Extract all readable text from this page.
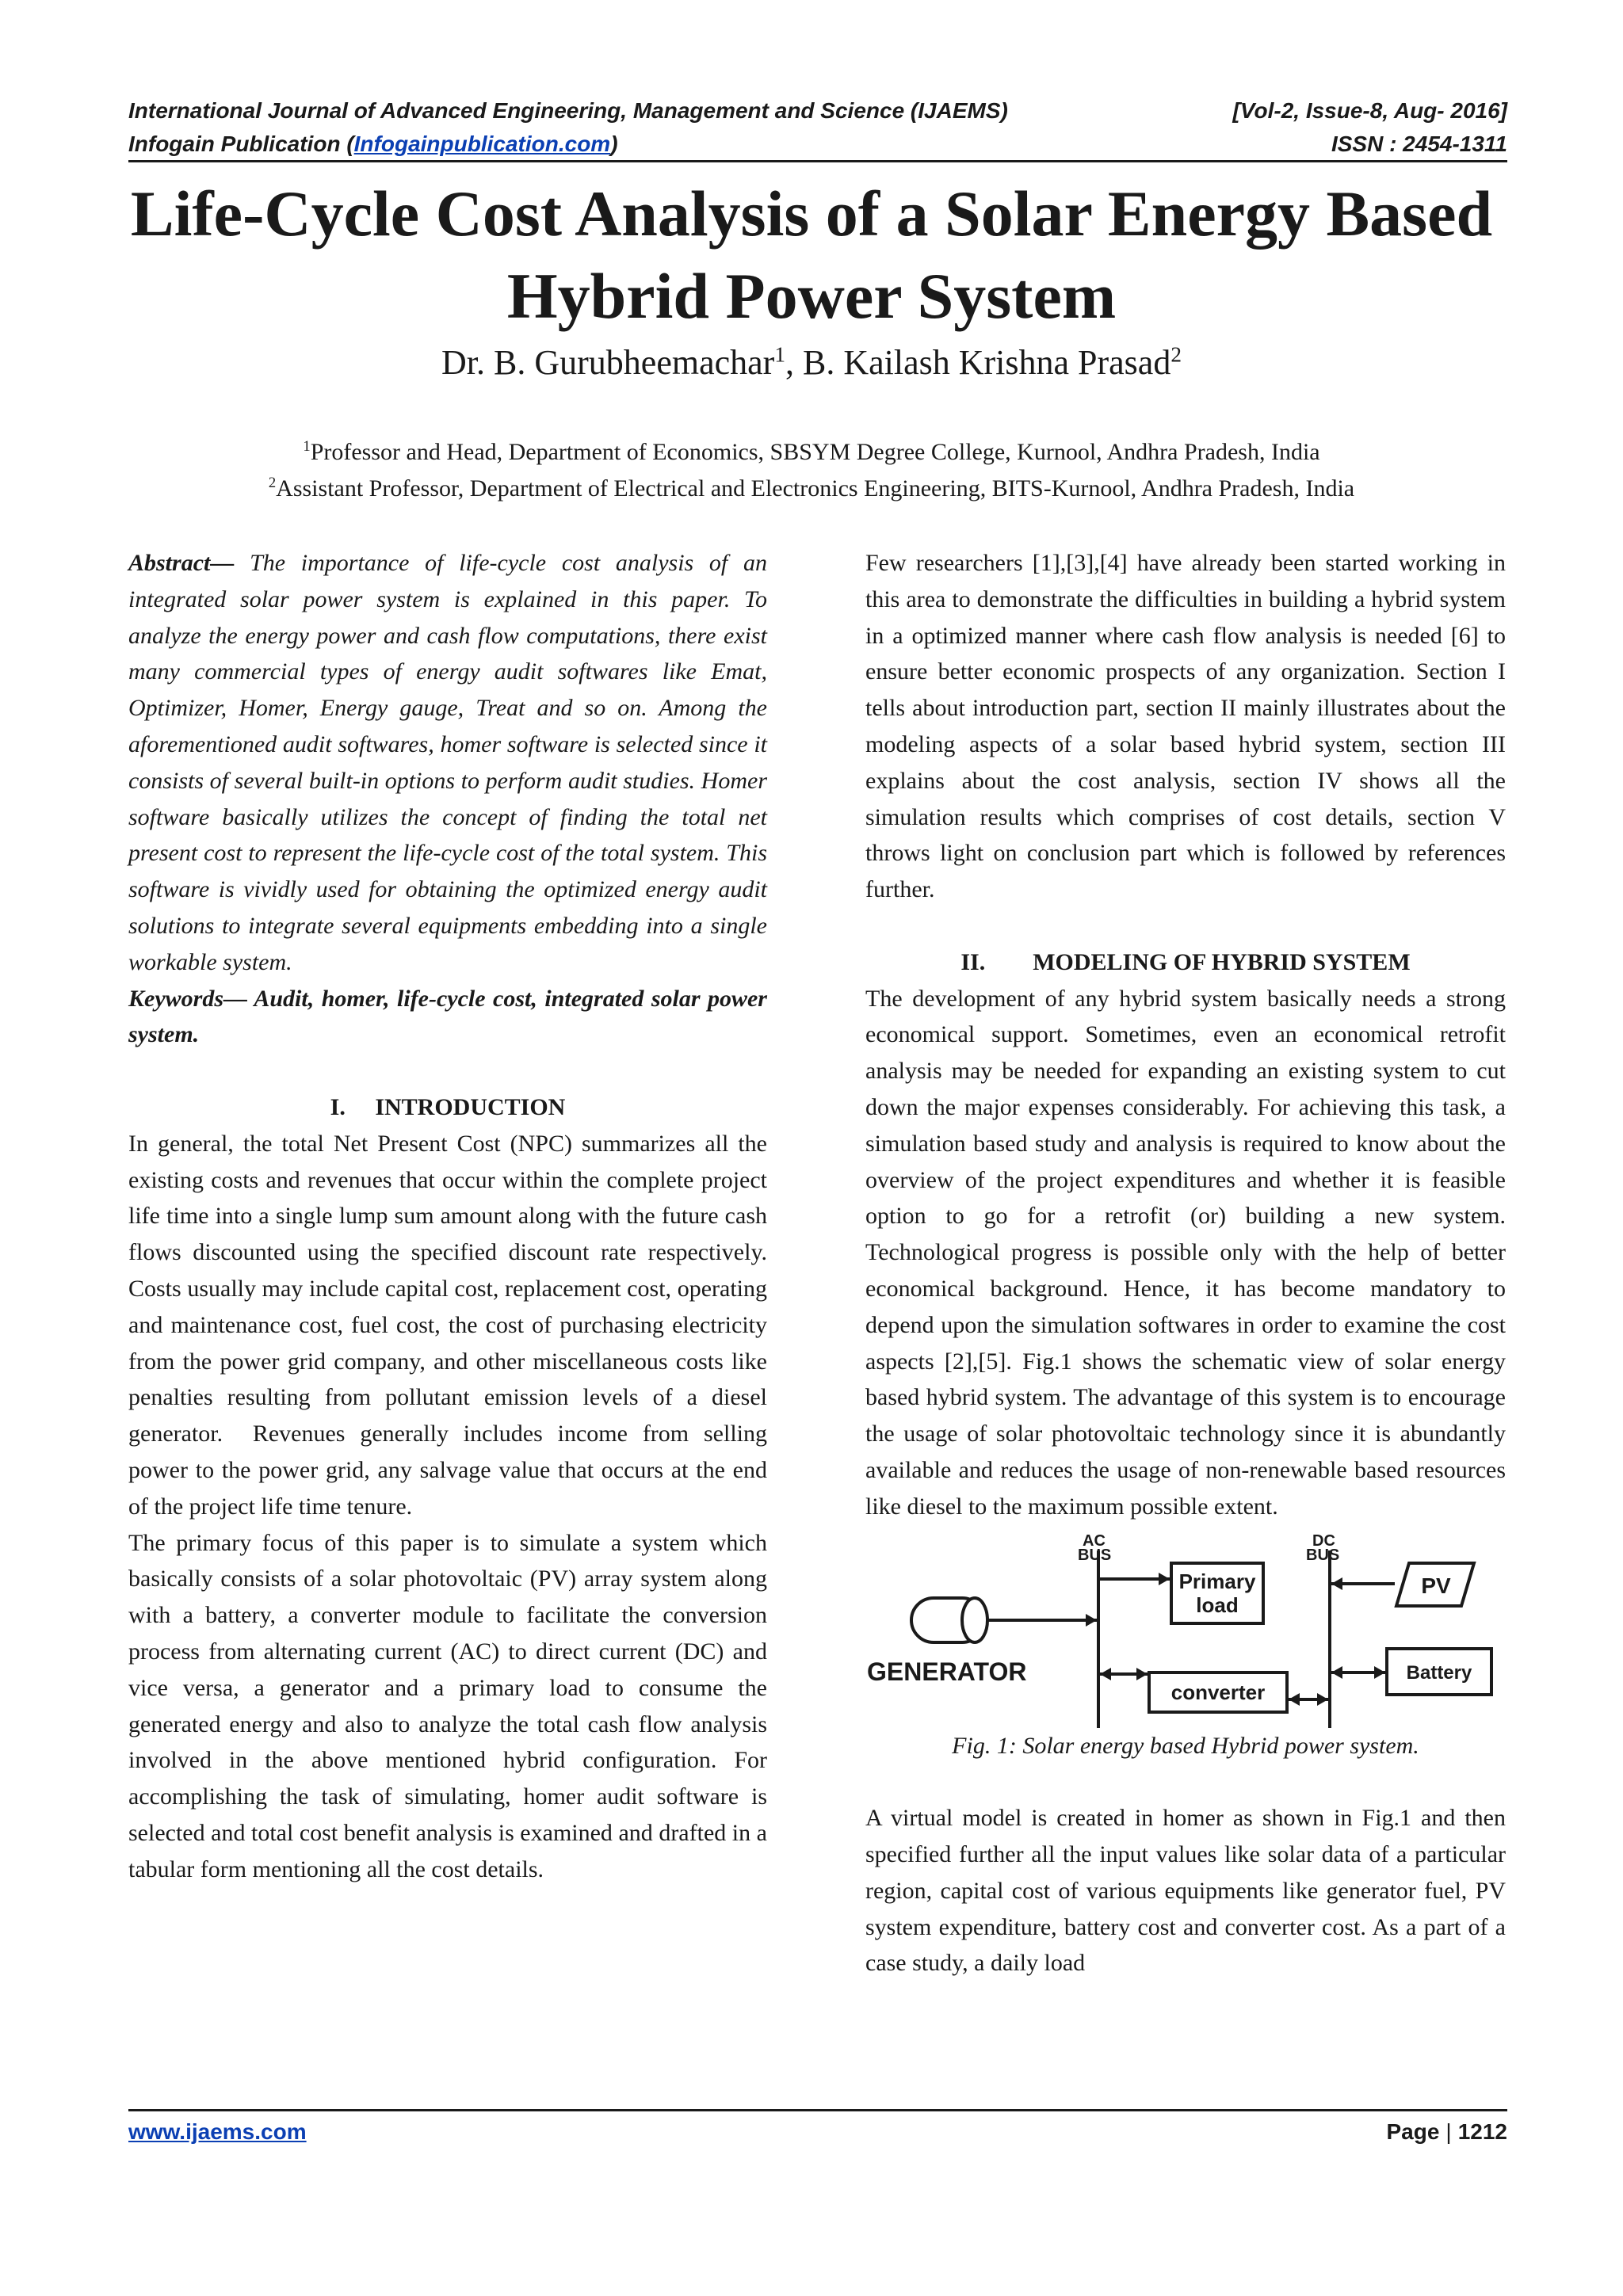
International Journal of Advanced Engineering, Management and Science (IJAEMS)	[Vol-2, Issue-8, Aug- 2016]
Infogain Publication (Infogainpublication.com)	ISSN : 2454-1311
Life-Cycle Cost Analysis of a Solar Energy Based
Hybrid Power System
Dr. B. Gurubheemachar$^1$, B. Kailash Krishna Prasad$^2$
$^1$Professor and Head, Department of Economics, SBSYM Degree College, Kurnool, Andhra Pradesh, India
$^2$Assistant Professor, Department of Electrical and Electronics Engineering, BITS-Kurnool, Andhra Pradesh, India

Abstract— The importance of life-cycle cost analysis of an integrated solar power system is explained in this paper. To analyze the energy power and cash flow computations, there exist many commercial types of energy audit softwares like Emat, Optimizer, Homer, Energy gauge, Treat and so on. Among the aforementioned audit softwares, homer software is selected since it consists of several built-in options to perform audit studies. Homer software basically utilizes the concept of finding the total net present cost to represent the life-cycle cost of the total system. This software is vividly used for obtaining the optimized energy audit solutions to integrate several equipments embedding into a single workable system.

Keywords— Audit, homer, life-cycle cost, integrated solar power system.

I.     INTRODUCTION

In general, the total Net Present Cost (NPC) summarizes all the existing costs and revenues that occur within the complete project life time into a single lump sum amount along with the future cash flows discounted using the specified discount rate respectively. Costs usually may include capital cost, replacement cost, operating and maintenance cost, fuel cost, the cost of purchasing electricity from the power grid company, and other miscellaneous costs like penalties resulting from pollutant emission levels of a diesel generator.  Revenues generally includes income from selling power to the power grid, any salvage value that occurs at the end of the project life time tenure.

The primary focus of this paper is to simulate a system which basically consists of a solar photovoltaic (PV) array system along with a battery, a converter module to facilitate the conversion process from alternating current (AC) to direct current (DC) and vice versa, a generator and a primary load to consume the generated energy and also to analyze the total cash flow analysis involved in the above mentioned hybrid configuration. For accomplishing the task of simulating, homer audit software is selected and total cost benefit analysis is examined and drafted in a tabular form mentioning all the cost details.

Few researchers [1],[3],[4] have already been started working in this area to demonstrate the difficulties in building a hybrid system in a optimized manner where cash flow analysis is needed [6] to ensure better economic prospects of any organization. Section I tells about introduction part, section II mainly illustrates about the modeling aspects of a solar based hybrid system, section III explains about the cost analysis, section IV shows all the simulation results which comprises of cost details, section V throws light on conclusion part which is followed by references further.

II.        MODELING OF HYBRID SYSTEM

The development of any hybrid system basically needs a strong economical support. Sometimes, even an economical retrofit analysis may be needed for expanding an existing system to cut down the major expenses considerably. For achieving this task, a simulation based study and analysis is required to know about the overview of the project expenditures and whether it is feasible option to go for a retrofit (or) building a new system. Technological progress is possible only with the help of better economical background. Hence, it has become mandatory to depend upon the simulation softwares in order to examine the cost aspects [2],[5]. Fig.1 shows the schematic view of solar energy based hybrid system. The advantage of this system is to encourage the usage of solar photovoltaic technology since it is abundantly available and reduces the usage of non-renewable based resources like diesel to the maximum possible extent.

AC
BUS
DC
BUS
Primary
load
PV
GENERATOR
converter
Battery

Fig. 1: Solar energy based Hybrid power system.

A virtual model is created in homer as shown in Fig.1 and then specified further all the input values like solar data of a particular region, capital cost of various equipments like generator fuel, PV system expenditure, battery cost and converter cost. As a part of a case study, a daily load

www.ijaems.com	Page | 1212
